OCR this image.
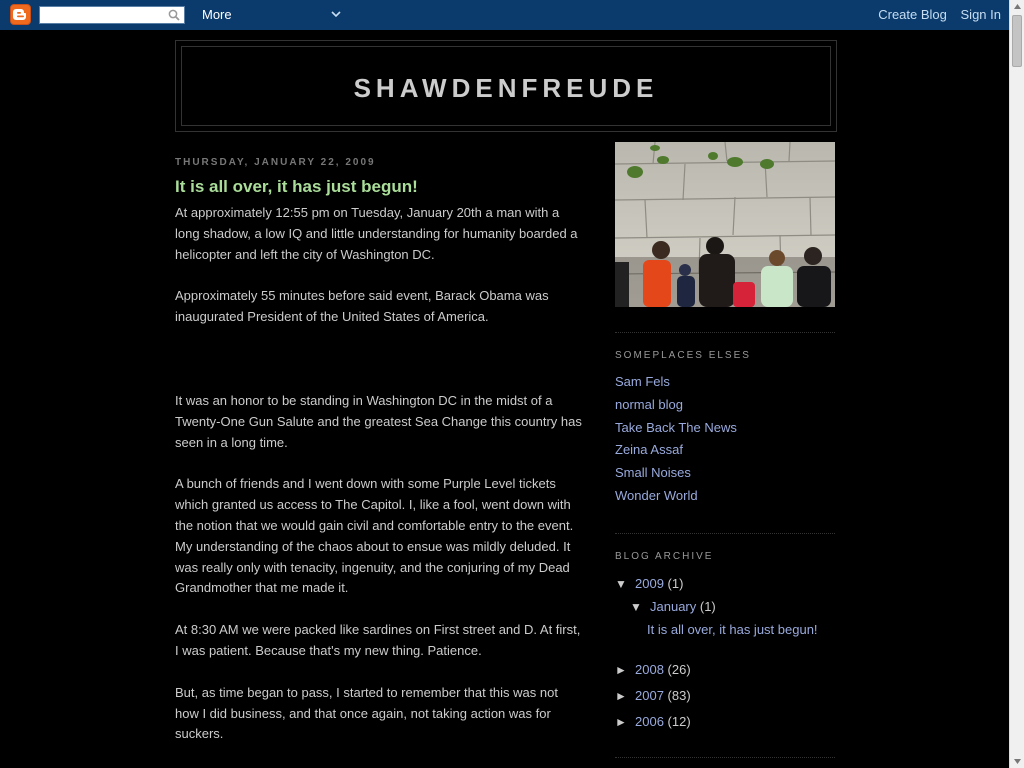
More	Create Blog Sign In
SHAWDENFREUDE
THURSDAY, JANUARY 22, 2009
It is all over, it has just begun!

At approximately 12:55 pm on Tuesday, January 20th a man with a long shadow, a low IQ and little understanding for humanity boarded a helicopter and left the city of Washington DC.

Approximately 55 minutes before said event, Barack Obama was inaugurated President of the United States of America.

It was an honor to be standing in Washington DC in the midst of a Twenty-One Gun Salute and the greatest Sea Change this country has seen in a long time.

A bunch of friends and I went down with some Purple Level tickets which granted us access to The Capitol. I, like a fool, went down with the notion that we would gain civil and comfortable entry to the event. My understanding of the chaos about to ensue was mildly deluded. It was really only with tenacity, ingenuity, and the conjuring of my Dead Grandmother that me made it.

At 8:30 AM we were packed like sardines on First street and D. At first, I was patient. Because that's my new thing. Patience.

But, as time began to pass, I started to remember that this was not how I did business, and that once again, not taking action was for suckers.

SOMEPLACES ELSES
Sam Fels
normal blog
Take Back The News
Zeina Assaf
Small Noises
Wonder World
BLOG ARCHIVE
▼ 2009 (1)
▼ January (1)
It is all over, it has just begun!
► 2008 (26)
► 2007 (83)
► 2006 (12)
